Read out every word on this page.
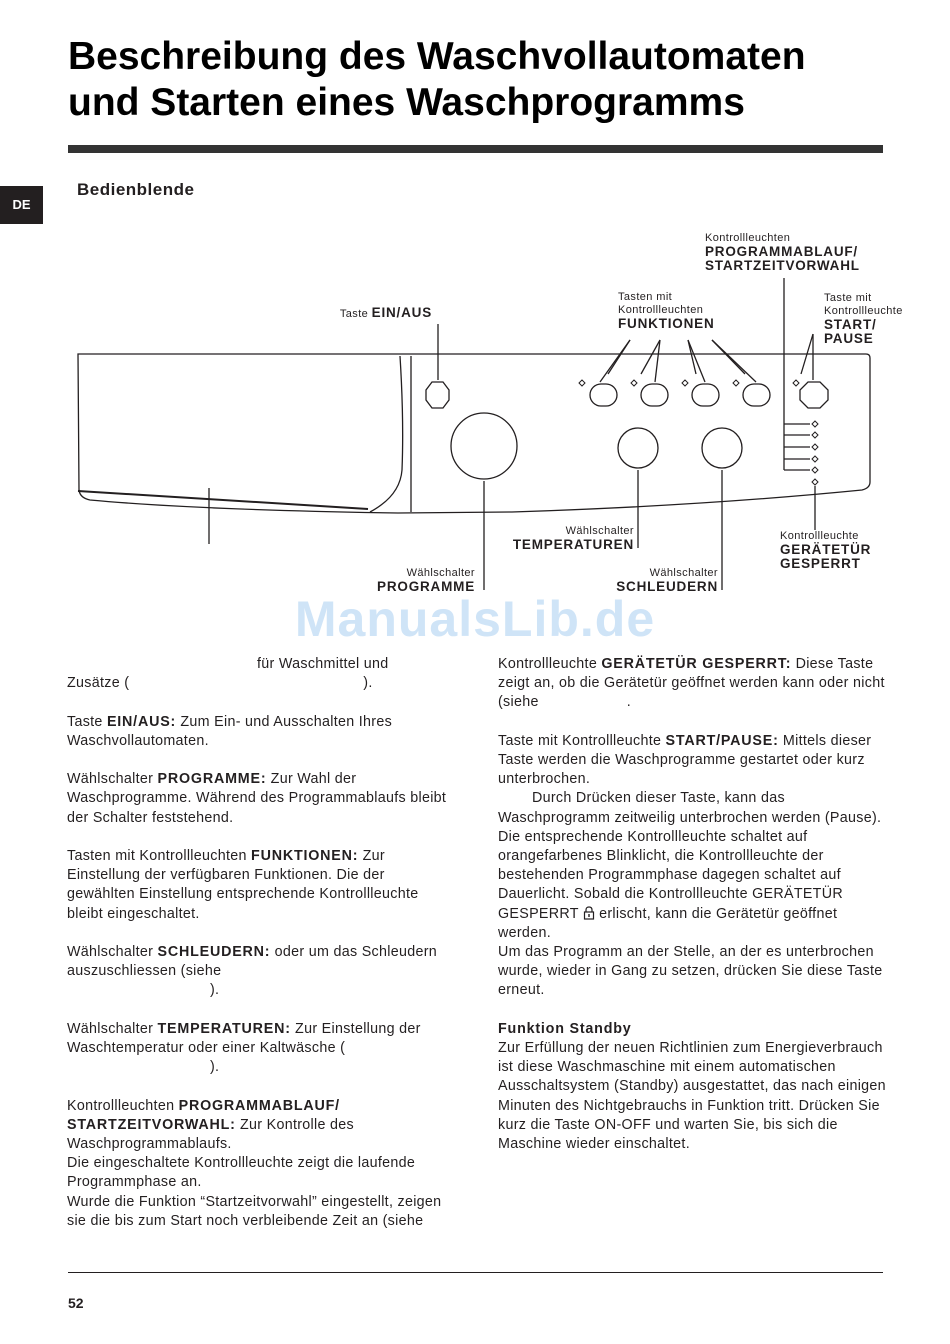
Beschreibung des Waschvollautomaten
und Starten eines Waschprogramms
DE
Bedienblende
Taste EIN/AUS
Tasten mit
Kontrollleuchten
FUNKTIONEN
Kontrollleuchten
PROGRAMMABLAUF/
STARTZEITVORWAHL
Taste mit
Kontrollleuchte
START/
PAUSE
Wählschalter
TEMPERATUREN
Wählschalter
PROGRAMME
Wählschalter
SCHLEUDERN
Kontrollleuchte
GERÄTETÜR
GESPERRT
ManualsLib.de

für Waschmittel und
Zusätze (	).

Taste EIN/AUS: Zum Ein- und Ausschalten Ihres Waschvollautomaten.

Wählschalter PROGRAMME: Zur Wahl der Waschprogramme. Während des Programmablaufs bleibt der Schalter feststehend.

Tasten mit Kontrollleuchten FUNKTIONEN: Zur Einstellung der verfügbaren Funktionen. Die der gewählten Einstellung entsprechende Kontrollleuchte bleibt eingeschaltet.

Wählschalter SCHLEUDERN: oder um das Schleudern auszuschliessen (siehe
).

Wählschalter TEMPERATUREN: Zur Einstellung der Waschtemperatur oder einer Kaltwäsche (
).

Kontrollleuchten PROGRAMMABLAUF/
STARTZEITVORWAHL: Zur Kontrolle des Waschprogrammablaufs.
Die eingeschaltete Kontrollleuchte zeigt die laufende Programmphase an.
Wurde die Funktion “Startzeitvorwahl” eingestellt, zeigen sie die bis zum Start noch verbleibende Zeit an (siehe

Kontrollleuchte GERÄTETÜR GESPERRT: Diese Taste zeigt an, ob die Gerätetür geöffnet werden kann oder nicht (siehe	.

Taste mit Kontrollleuchte START/PAUSE: Mittels dieser Taste werden die Waschprogramme gestartet oder kurz unterbrochen.
Durch Drücken dieser Taste, kann das Waschprogramm zeitweilig unterbrochen werden (Pause). Die entsprechende Kontrollleuchte schaltet auf orangefarbenes Blinklicht, die Kontrollleuchte der bestehenden Programmphase dagegen schaltet auf Dauerlicht. Sobald die Kontrollleuchte GERÄTETÜR GESPERRT  erlischt, kann die Gerätetür geöffnet werden.
Um das Programm an der Stelle, an der es unterbrochen wurde, wieder in Gang zu setzen, drücken Sie diese Taste erneut.

Funktion Standby
Zur Erfüllung der neuen Richtlinien zum Energieverbrauch ist diese Waschmaschine mit einem automatischen Ausschaltsystem (Standby) ausgestattet, das nach einigen Minuten des Nichtgebrauchs in Funktion tritt. Drücken Sie kurz die Taste ON-OFF und warten Sie, bis sich die Maschine wieder einschaltet.

52
